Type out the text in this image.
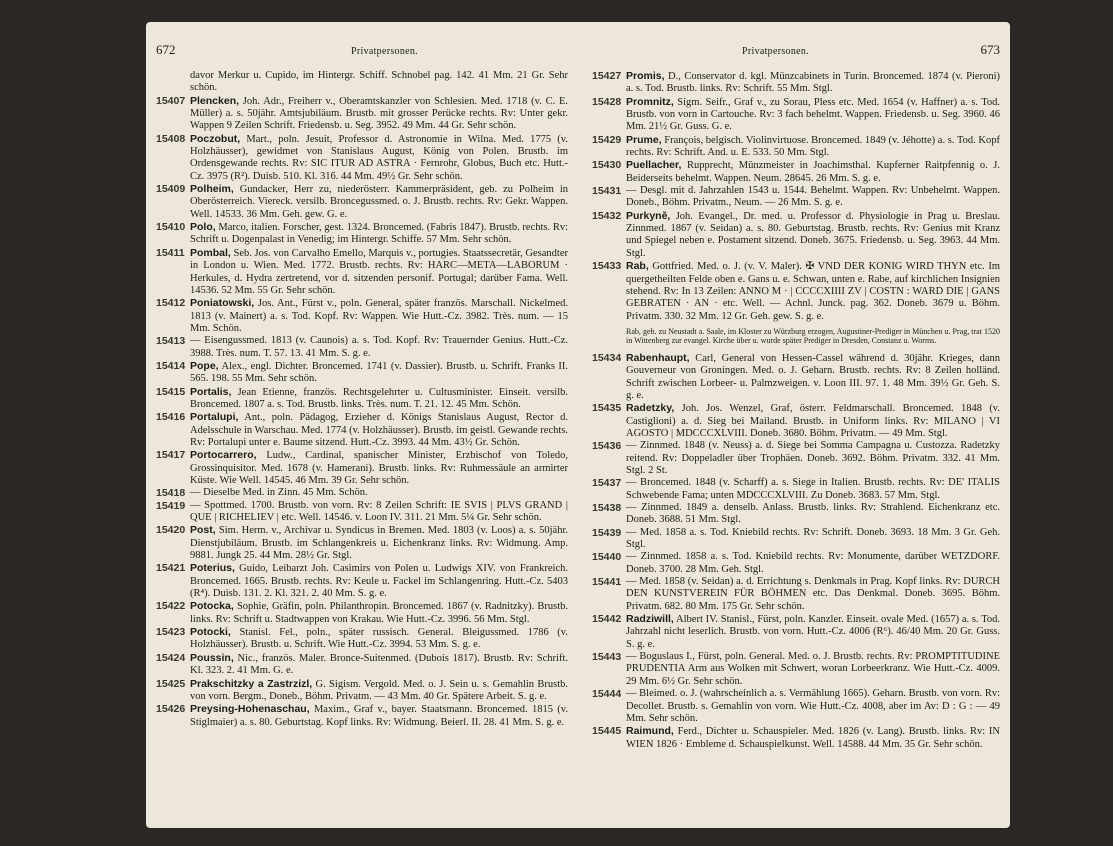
672	Privatpersonen.
davor Merkur u. Cupido, im Hintergr. Schiff. Schnobel pag. 142. 41 Mm. 21 Gr. Sehr schön.
15407 Plencken, Joh. Adr., Freiherr v., Oberamtskanzler von Schlesien. Med. 1718 (v. C. E. Müller) a. s. 50jähr. Amtsjubiläum. Brustb. mit grosser Perücke rechts. Rv: Unter gekr. Wappen 9 Zeilen Schrift. Friedensb. u. Seg. 3952. 49 Mm. 44 Gr. Sehr schön.
15408 Poczobut, Mart., poln. Jesuit, Professor d. Astronomie in Wilna. Med. 1775 (v. Holzhäusser), gewidmet von Stanislaus August, König von Polen. Brustb. im Ordensgewande rechts. Rv: SIC ITUR AD ASTRA · Fernrohr, Globus, Buch etc. Hutt.-Cz. 3975 (R²). Duisb. 510. Kl. 316. 44 Mm. 49½ Gr. Sehr schön.
15409 Polheim, Gundacker, Herr zu, niederösterr. Kammerpräsident, geb. zu Polheim in Oberösterreich. Viereck. versilb. Broncegussmed. o. J. Brustb. rechts. Rv: Gekr. Wappen. Well. 14533. 36 Mm. Geh. gew. G. e.
15410 Polo, Marco, italien. Forscher, gest. 1324. Broncemed. (Fabris 1847). Brustb. rechts. Rv: Schrift u. Dogenpalast in Venedig; im Hintergr. Schiffe. 57 Mm. Sehr schön.
15411 Pombal, Seb. Jos. von Carvalho Emello, Marquis v., portugies. Staatssecretär, Gesandter in London u. Wien. Med. 1772. Brustb. rechts. Rv: HARC—META—LABORUM · Herkules, d. Hydra zertretend, vor d. sitzenden personif. Portugal; darüber Fama. Well. 14536. 52 Mm. 55 Gr. Sehr schön.
15412 Poniatowski, Jos. Ant., Fürst v., poln. General, später französ. Marschall. Nickelmed. 1813 (v. Mainert) a. s. Tod. Kopf. Rv: Wappen. Wie Hutt.-Cz. 3982. Très. num. — 15 Mm. Schön.
15413 — Eisengussmed. 1813 (v. Caunois) a. s. Tod. Kopf. Rv: Trauernder Genius. Hutt.-Cz. 3988. Très. num. T. 57. 13. 41 Mm. S. g. e.
15414 Pope, Alex., engl. Dichter. Broncemed. 1741 (v. Dassier). Brustb. u. Schrift. Franks II. 565. 198. 55 Mm. Sehr schön.
15415 Portalis, Jean Etienne, französ. Rechtsgelehrter u. Cultusminister. Einseit. versilb. Broncemed. 1807 a. s. Tod. Brustb. links. Très. num. T. 21. 12. 45 Mm. Schön.
15416 Portalupi, Ant., poln. Pädagog, Erzieher d. Königs Stanislaus August, Rector d. Adelsschule in Warschau. Med. 1774 (v. Holzhäusser). Brustb. im geistl. Gewande rechts. Rv: Portalupi unter e. Baume sitzend. Hutt.-Cz. 3993. 44 Mm. 43½ Gr. Schön.
15417 Portocarrero, Ludw., Cardinal, spanischer Minister, Erzbischof von Toledo, Grossinquisitor. Med. 1678 (v. Hamerani). Brustb. links. Rv: Ruhmessäule an armirter Küste. Wie Well. 14545. 46 Mm. 39 Gr. Sehr schön.
15418 — Dieselbe Med. in Zinn. 45 Mm. Schön.
15419 — Spottmed. 1700. Brustb. von vorn. Rv: 8 Zeilen Schrift: IE SVIS | PLVS GRAND | QUE | RICHELIEV | etc. Well. 14546. v. Loon IV. 311. 21 Mm. 5¼ Gr. Sehr schön.
15420 Post, Sim. Herm. v., Archivar u. Syndicus in Bremen. Med. 1803 (v. Loos) a. s. 50jähr. Dienstjubiläum. Brustb. im Schlangenkreis u. Eichenkranz links. Rv: Widmung. Amp. 9881. Jungk 25. 44 Mm. 28½ Gr. Stgl.
15421 Poterius, Guido, Leibarzt Joh. Casimirs von Polen u. Ludwigs XIV. von Frankreich. Broncemed. 1665. Brustb. rechts. Rv: Keule u. Fackel im Schlangenring. Hutt.-Cz. 5403 (R⁴). Duisb. 131. 2. Kl. 321. 2. 40 Mm. S. g. e.
15422 Potocka, Sophie, Gräfin, poln. Philanthropin. Broncemed. 1867 (v. Radnitzky). Brustb. links. Rv: Schrift u. Stadtwappen von Krakau. Wie Hutt.-Cz. 3996. 56 Mm. Stgl.
15423 Potocki, Stanisl. Fel., poln., später russisch. General. Bleigussmed. 1786 (v. Holzhäusser). Brustb. u. Schrift. Wie Hutt.-Cz. 3994. 53 Mm. S. g. e.
15424 Poussin, Nic., französ. Maler. Bronce-Suitenmed. (Dubois 1817). Brustb. Rv: Schrift. Kl. 323. 2. 41 Mm. G. e.
15425 Prakschitzky a Zastrzizl, G. Sigism. Vergold. Med. o. J. Sein u. s. Gemahlin Brustb. von vorn. Bergm., Doneb., Böhm. Privatm. — 43 Mm. 40 Gr. Spätere Arbeit. S. g. e.
15426 Preysing-Hohenaschau, Maxim., Graf v., bayer. Staatsmann. Broncemed. 1815 (v. Stiglmaier) a. s. 80. Geburtstag. Kopf links. Rv: Widmung. Beierl. II. 28. 41 Mm. S. g. e.
Privatpersonen.	673
15427 Promis, D., Conservator d. kgl. Münzcabinets in Turin. Broncemed. 1874 (v. Pieroni) a. s. Tod. Brustb. links. Rv: Schrift. 55 Mm. Stgl.
15428 Promnitz, Sigm. Seifr., Graf v., zu Sorau, Pless etc. Med. 1654 (v. Haffner) a. s. Tod. Brustb. von vorn in Cartouche. Rv: 3 fach behelmt. Wappen. Friedensb. u. Seg. 3960. 46 Mm. 21½ Gr. Guss. G. e.
15429 Prume, François, belgisch. Violinvirtuose. Broncemed. 1849 (v. Jéhotte) a. s. Tod. Kopf rechts. Rv: Schrift. And. u. E. 533. 50 Mm. Stgl.
15430 Puellacher, Rupprecht, Münzmeister in Joachimsthal. Kupferner Raitpfennig o. J. Beiderseits behelmt. Wappen. Neum. 28645. 26 Mm. S. g. e.
15431 — Desgl. mit d. Jahrzahlen 1543 u. 1544. Behelmt. Wappen. Rv: Unbehelmt. Wappen. Doneb., Böhm. Privatm., Neum. — 26 Mm. S. g. e.
15432 Purkyně, Joh. Evangel., Dr. med. u. Professor d. Physiologie in Prag u. Breslau. Zinnmed. 1867 (v. Seidan) a. s. 80. Geburtstag. Brustb. rechts. Rv: Genius mit Kranz und Spiegel neben e. Postament sitzend. Doneb. 3675. Friedensb. u. Seg. 3963. 44 Mm. Stgl.
15433 Rab, Gottfried. Med. o. J. (v. V. Maler). ✠ VND DER KONIG WIRD THYN etc. Im quergetheilten Felde oben e. Gans u. e. Schwan, unten e. Rabe, auf kirchlichen Insignien stehend. Rv: In 13 Zeilen: ANNO M · | CCCCXIIII ZV | COSTN : WARD DIE | GANS GEBRATEN · AN · etc. Well. — Achnl. Junck. pag. 362. Doneb. 3679 u. Böhm. Privatm. 330. 32 Mm. 12 Gr. Geh. gew. S. g. e.
Rab, geb. zu Neustadt a. Saale, im Kloster zu Würzburg erzogen, Augustiner-Prediger in München u. Prag, trat 1520 in Wittenberg zur evangel. Kirche über u. wurde später Prediger in Dresden, Constanz u. Worms.
15434 Rabenhaupt, Carl, General von Hessen-Cassel während d. 30jähr. Krieges, dann Gouverneur von Groningen. Med. o. J. Geharn. Brustb. rechts. Rv: 8 Zeilen holländ. Schrift zwischen Lorbeer- u. Palmzweigen. v. Loon III. 97. 1. 48 Mm. 39½ Gr. Geh. S. g. e.
15435 Radetzky, Joh. Jos. Wenzel, Graf, österr. Feldmarschall. Broncemed. 1848 (v. Castiglioni) a. d. Sieg bei Mailand. Brustb. in Uniform links. Rv: MILANO | VI AGOSTO | MDCCCXLVIII. Doneb. 3680. Böhm. Privatm. — 49 Mm. Stgl.
15436 — Zinnmed. 1848 (v. Neuss) a. d. Siege bei Somma Campagna u. Custozza. Radetzky reitend. Rv: Doppeladler über Trophäen. Doneb. 3692. Böhm. Privatm. 332. 41 Mm. Stgl. 2 St.
15437 — Broncemed. 1848 (v. Scharff) a. s. Siege in Italien. Brustb. rechts. Rv: DE' ITALIS Schwebende Fama; unten MDCCCXLVIII. Zu Doneb. 3683. 57 Mm. Stgl.
15438 — Zinnmed. 1849 a. denselb. Anlass. Brustb. links. Rv: Strahlend. Eichenkranz etc. Doneb. 3688. 51 Mm. Stgl.
15439 — Med. 1858 a. s. Tod. Kniebild rechts. Rv: Schrift. Doneb. 3693. 18 Mm. 3 Gr. Geh. Stgl.
15440 — Zinnmed. 1858 a. s. Tod. Kniebild rechts. Rv: Monumente, darüber WETZDORF. Doneb. 3700. 28 Mm. Geh. Stgl.
15441 — Med. 1858 (v. Seidan) a. d. Errichtung s. Denkmals in Prag. Kopf links. Rv: DURCH DEN KUNSTVEREIN FÜR BÖHMEN etc. Das Denkmal. Doneb. 3695. Böhm. Privatm. 682. 80 Mm. 175 Gr. Sehr schön.
15442 Radziwill, Albert IV. Stanisl., Fürst, poln. Kanzler. Einseit. ovale Med. (1657) a. s. Tod. Jahrzahl nicht leserlich. Brustb. von vorn. Hutt.-Cz. 4006 (R⁶). 46/40 Mm. 20 Gr. Guss. S. g. e.
15443 — Boguslaus I., Fürst, poln. General. Med. o. J. Brustb. rechts. Rv: PROMPTITUDINE PRUDENTIA Arm aus Wolken mit Schwert, woran Lorbeerkranz. Wie Hutt.-Cz. 4009. 29 Mm. 6½ Gr. Sehr schön.
15444 — Bleimed. o. J. (wahrscheinlich a. s. Vermählung 1665). Geharn. Brustb. von vorn. Rv: Decollet. Brustb. s. Gemahlin von vorn. Wie Hutt.-Cz. 4008, aber im Av: D : G : — 49 Mm. Sehr schön.
15445 Raimund, Ferd., Dichter u. Schauspieler. Med. 1826 (v. Lang). Brustb. links. Rv: IN WIEN 1826 · Embleme d. Schauspielkunst. Well. 14588. 44 Mm. 35 Gr. Sehr schön.
